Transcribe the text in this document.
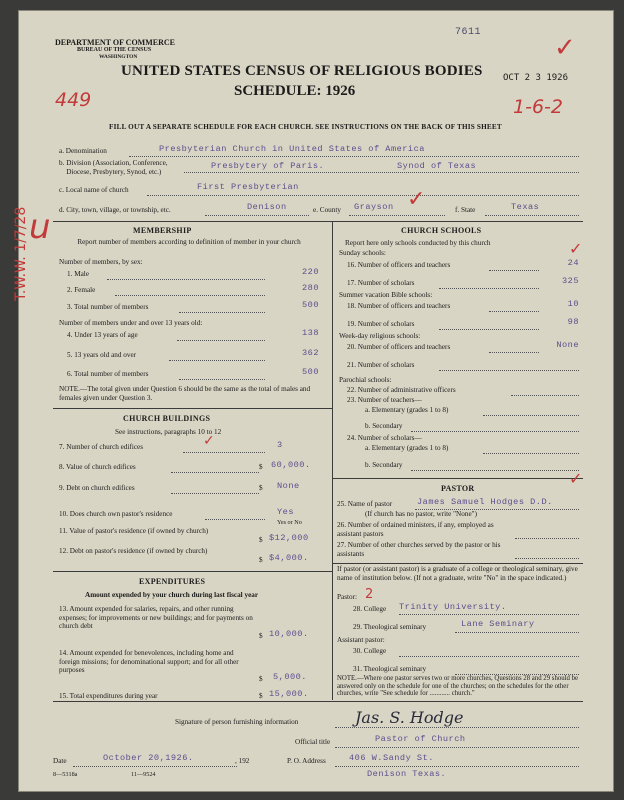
DEPARTMENT OF COMMERCE
BUREAU OF THE CENSUS
WASHINGTON
7611
✓
UNITED STATES CENSUS OF RELIGIOUS BODIES
SCHEDULE: 1926
OCT 2 3 1926
449	1-6-2
FILL OUT A SEPARATE SCHEDULE FOR EACH CHURCH. SEE INSTRUCTIONS ON THE BACK OF THIS SHEET
T.W.W. 1/7/28 u
a. Denomination	Presbyterian Church in United States of America
b. Division (Association, Conference,
Diocese, Presbytery, Synod, etc.)
Presbytery of Paris.	Synod of Texas
c. Local name of church	First Presbyterian
d. City, town, village, or township, etc.	Denison	e. County Grayson ✓	f. State	Texas
MEMBERSHIP
Report number of members according to definition of member in your church
Number of members, by sex:
1. Male	220
2. Female	280
3. Total number of members	500
Number of members under and over 13 years old:
4. Under 13 years of age	138
5. 13 years old and over	362
6. Total number of members	500
NOTE.—The total given under Question 6 should be the same as the total of males and females given under Question 3.
CHURCH BUILDINGS
See instructions, paragraphs 10 to 12
7. Number of church edifices	✓	3
8. Value of church edifices	$ 60,000.
9. Debt on church edifices	$ None
10. Does church own pastor's residence	Yes
Yes or No
11. Value of pastor's residence (if owned by church)
$ $12,000
12. Debt on pastor's residence (if owned by church)
$ $4,000.
EXPENDITURES
Amount expended by your church during last fiscal year
13. Amount expended for salaries, repairs, and other running expenses; for improvements or new buildings; and for payments on church debt
$ 10,000.
14. Amount expended for benevolences, including home and foreign missions; for denominational support; and for all other purposes
$ 5,000.
15. Total expenditures during year	$ 15,000.
CHURCH SCHOOLS
Report here only schools conducted by this church
Sunday schools:
16. Number of officers and teachers	24
✓
17. Number of scholars	325
Summer vacation Bible schools:
18. Number of officers and teachers	10
19. Number of scholars	98
Week-day religious schools:
20. Number of officers and teachers	None
21. Number of scholars
Parochial schools:
22. Number of administrative officers
23. Number of teachers—
a. Elementary (grades 1 to 8)
b. Secondary
24. Number of scholars—
a. Elementary (grades 1 to 8)
b. Secondary
PASTOR
✓
25. Name of pastor	James Samuel Hodges D.D.
(If church has no pastor, write "None")
26. Number of ordained ministers, if any, employed as assistant pastors
27. Number of other churches served by the pastor or his assistants
If pastor (or assistant pastor) is a graduate of a college or theological seminary, give name of institution below. (If not a graduate, write "No" in the space indicated.)
Pastor: 2
28. College Trinity University.
29. Theological seminary	Lane Seminary
Assistant pastor:
30. College
31. Theological seminary
NOTE.—Where one pastor serves two or more churches, Questions 28 and 29 should be answered only on the schedule for one of the churches; on the schedules for the other churches, write "See schedule for ............ church."
Signature of person furnishing information	Jas. S. Hodge
Official title	Pastor of Church
Date	October 20,1926.	, 192	P. O. Address	406 W.Sandy St.
Denison Texas.
8—5318a	11—9524
